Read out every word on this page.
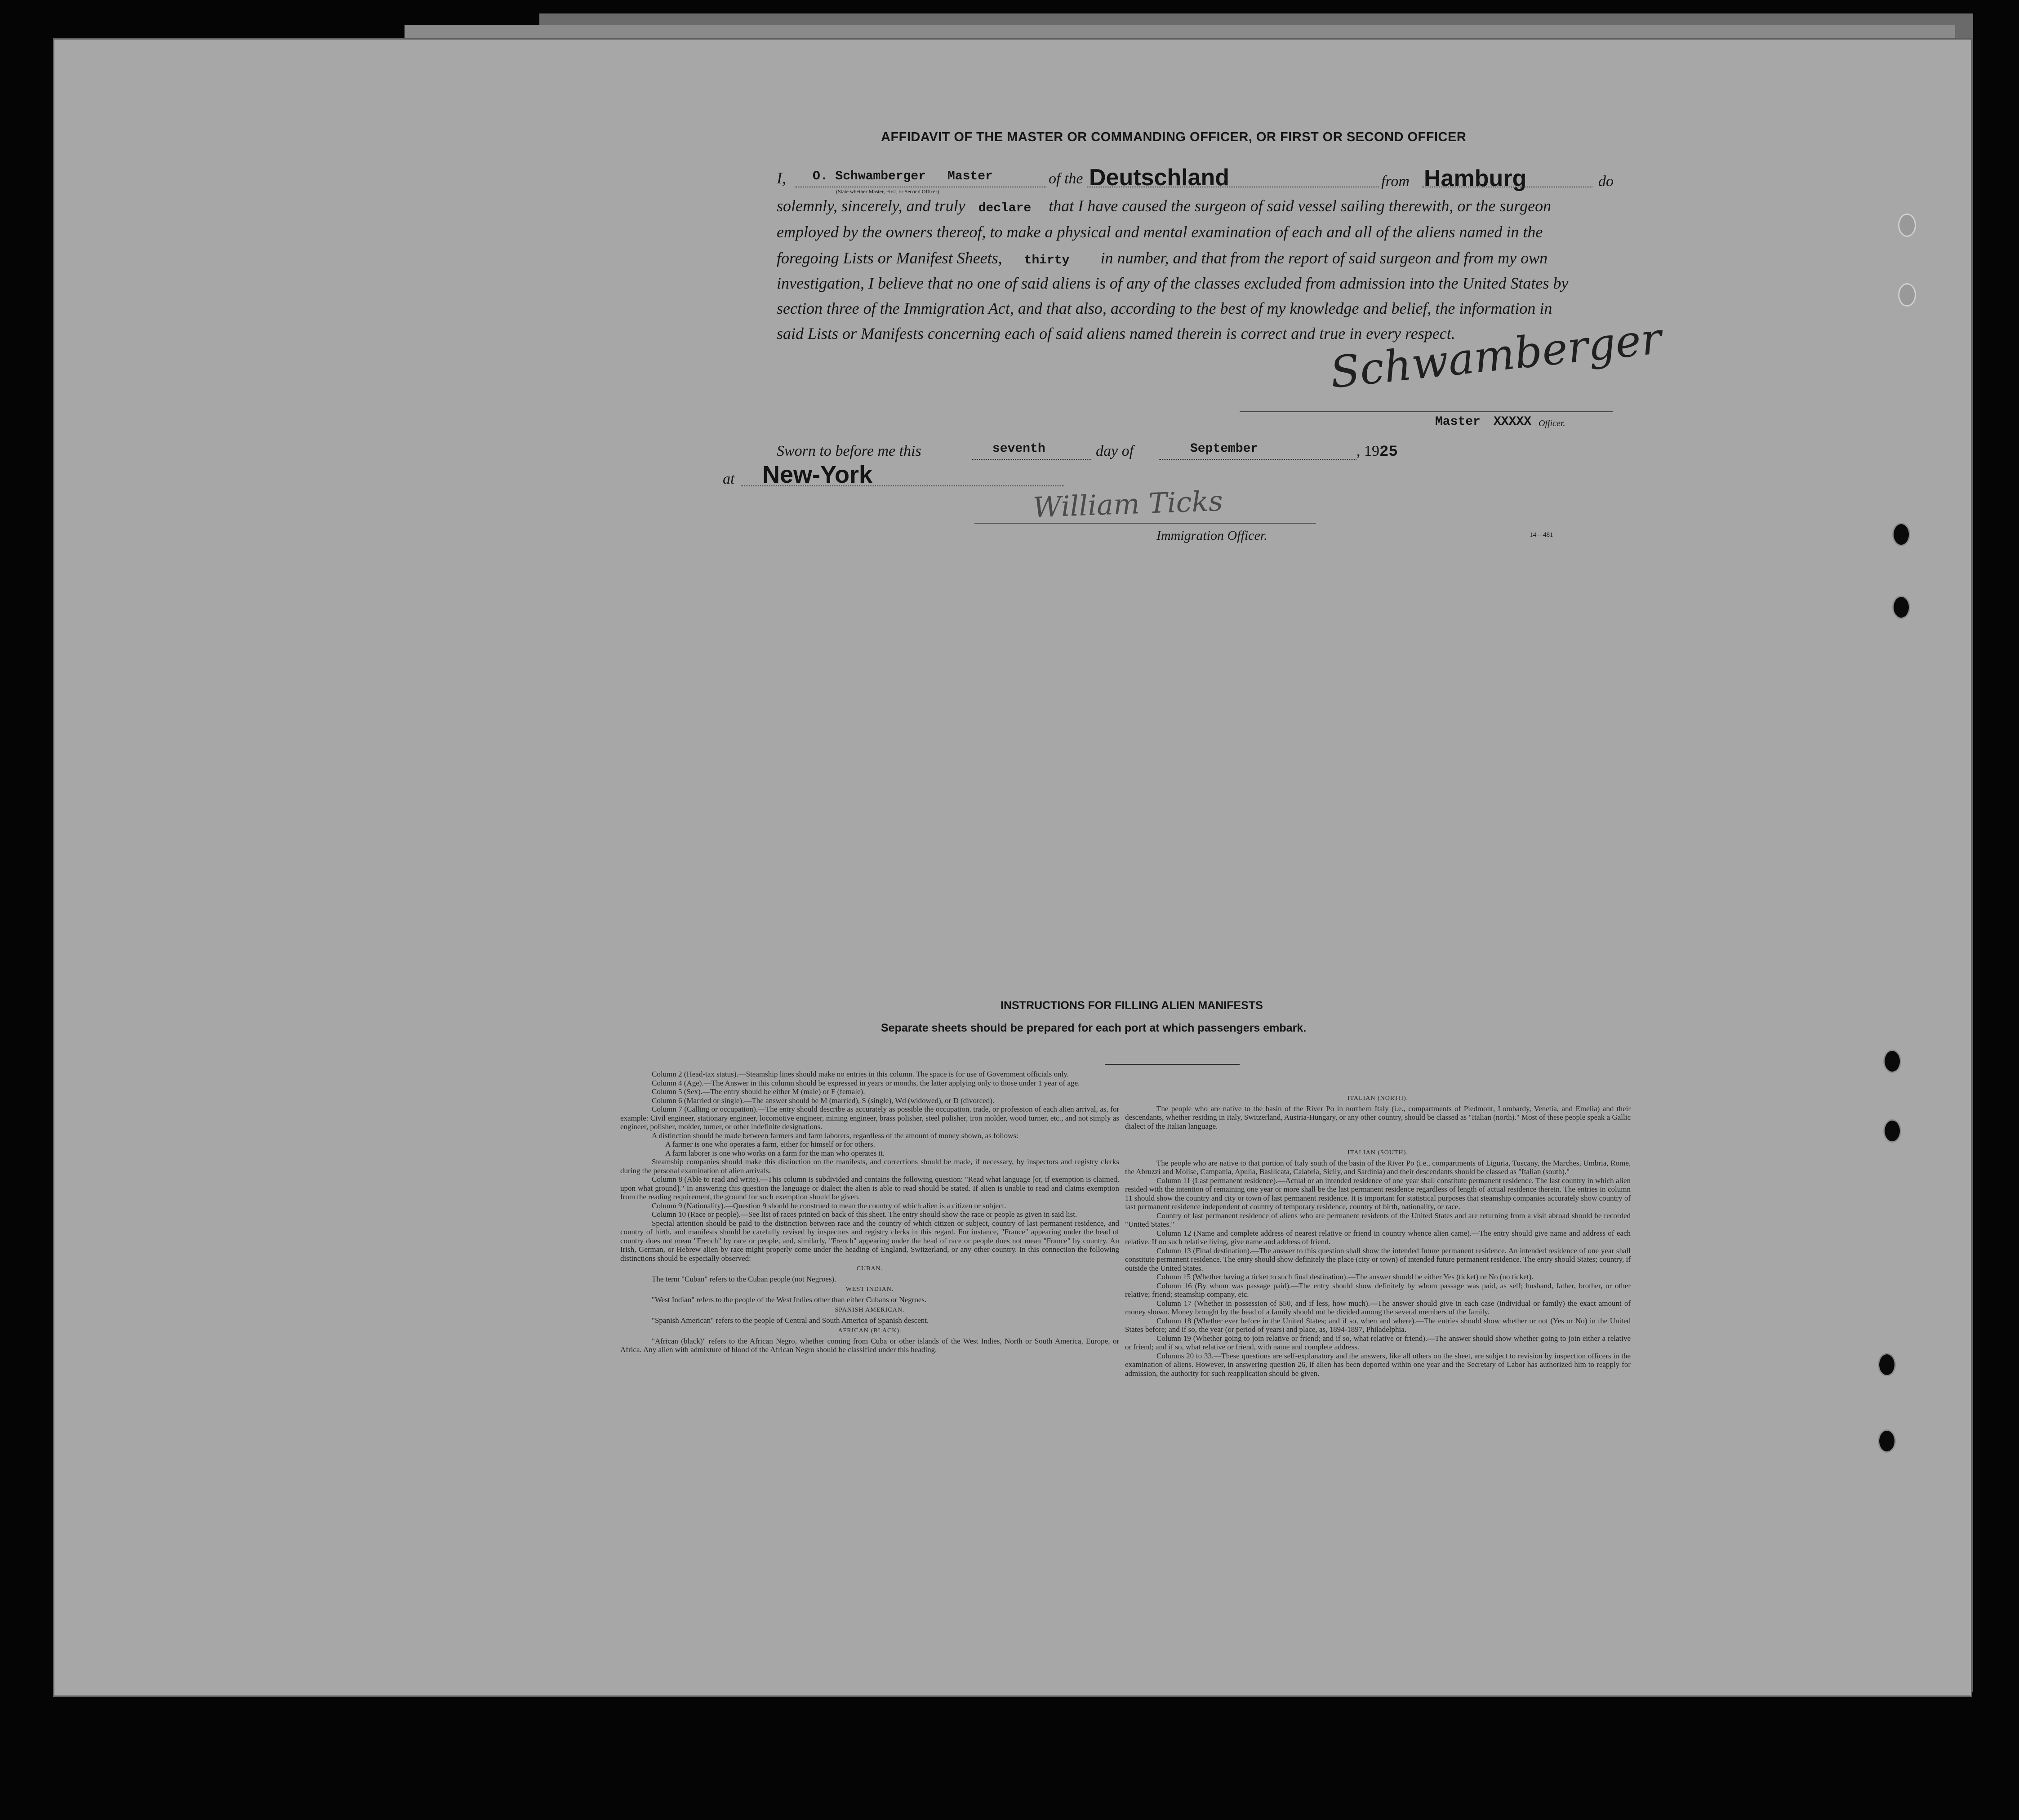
AFFIDAVIT OF THE MASTER OR COMMANDING OFFICER, OR FIRST OR SECOND OFFICER
I, O. Schwamberger Master	of the Deutschland	from Hamburg	do
(State whether Master, First, or Second Officer)
solemnly, sincerely, and truly declare that I have caused the surgeon of said vessel sailing therewith, or the surgeon
employed by the owners thereof, to make a physical and mental examination of each and all of the aliens named in the
foregoing Lists or Manifest Sheets, thirty in number, and that from the report of said surgeon and from my own
investigation, I believe that no one of said aliens is of any of the classes excluded from admission into the United States by
section three of the Immigration Act, and that also, according to the best of my knowledge and belief, the information in
said Lists or Manifests concerning each of said aliens named therein is correct and true in every respect.
Schwamberger
Master XXXXX Officer.
Sworn to before me this	seventh	day of	September	, 1925
at New-York
William Ticks
Immigration Officer.	14—481
INSTRUCTIONS FOR FILLING ALIEN MANIFESTS
Separate sheets should be prepared for each port at which passengers embark.

Column 2 (Head-tax status).—Steamship lines should make no entries in this column. The space is for use of Government officials only.

Column 4 (Age).—The Answer in this column should be expressed in years or months, the latter applying only to those under 1 year of age.

Column 5 (Sex).—The entry should be either M (male) or F (female).

Column 6 (Married or single).—The answer should be M (married), S (single), Wd (widowed), or D (divorced).

Column 7 (Calling or occupation).—The entry should describe as accurately as possible the occupation, trade, or profession of each alien arrival, as, for example: Civil engineer, stationary engineer, locomotive engineer, mining engineer, brass polisher, steel polisher, iron molder, wood turner, etc., and not simply as engineer, polisher, molder, turner, or other indefinite designations.

A distinction should be made between farmers and farm laborers, regardless of the amount of money shown, as follows:

A farmer is one who operates a farm, either for himself or for others.

A farm laborer is one who works on a farm for the man who operates it.

Steamship companies should make this distinction on the manifests, and corrections should be made, if necessary, by inspectors and registry clerks during the personal examination of alien arrivals.

Column 8 (Able to read and write).—This column is subdivided and contains the following question: "Read what language [or, if exemption is claimed, upon what ground]." In answering this question the language or dialect the alien is able to read should be stated. If alien is unable to read and claims exemption from the reading requirement, the ground for such exemption should be given.

Column 9 (Nationality).—Question 9 should be construed to mean the country of which alien is a citizen or subject.

Column 10 (Race or people).—See list of races printed on back of this sheet. The entry should show the race or people as given in said list.

Special attention should be paid to the distinction between race and the country of which citizen or subject, country of last permanent residence, and country of birth, and manifests should be carefully revised by inspectors and registry clerks in this regard. For instance, "France" appearing under the head of country does not mean "French" by race or people, and, similarly, "French" appearing under the head of race or people does not mean "France" by country. An Irish, German, or Hebrew alien by race might properly come under the heading of England, Switzerland, or any other country. In this connection the following distinctions should be especially observed:

CUBAN.

The term "Cuban" refers to the Cuban people (not Negroes).

WEST INDIAN.

"West Indian" refers to the people of the West Indies other than either Cubans or Negroes.

SPANISH AMERICAN.

"Spanish American" refers to the people of Central and South America of Spanish descent.

AFRICAN (BLACK).

"African (black)" refers to the African Negro, whether coming from Cuba or other islands of the West Indies, North or South America, Europe, or Africa. Any alien with admixture of blood of the African Negro should be classified under this heading.

ITALIAN (NORTH).

The people who are native to the basin of the River Po in northern Italy (i.e., compartments of Piedmont, Lombardy, Venetia, and Emelia) and their descendants, whether residing in Italy, Switzerland, Austria-Hungary, or any other country, should be classed as "Italian (north)." Most of these people speak a Gallic dialect of the Italian language.

ITALIAN (SOUTH).

The people who are native to that portion of Italy south of the basin of the River Po (i.e., compartments of Liguria, Tuscany, the Marches, Umbria, Rome, the Abruzzi and Molise, Campania, Apulia, Basilicata, Calabria, Sicily, and Sardinia) and their descendants should be classed as "Italian (south)."

Column 11 (Last permanent residence).—Actual or an intended residence of one year shall constitute permanent residence. The last country in which alien resided with the intention of remaining one year or more shall be the last permanent residence regardless of length of actual residence therein. The entries in column 11 should show the country and city or town of last permanent residence. It is important for statistical purposes that steamship companies accurately show country of last permanent residence independent of country of temporary residence, country of birth, nationality, or race.

Country of last permanent residence of aliens who are permanent residents of the United States and are returning from a visit abroad should be recorded "United States."

Column 12 (Name and complete address of nearest relative or friend in country whence alien came).—The entry should give name and address of each relative. If no such relative living, give name and address of friend.

Column 13 (Final destination).—The answer to this question shall show the intended future permanent residence. An intended residence of one year shall constitute permanent residence. The entry should show definitely the place (city or town) of intended future permanent residence. The entry should States; country, if outside the United States.

Column 15 (Whether having a ticket to such final destination).—The answer should be either Yes (ticket) or No (no ticket).

Column 16 (By whom was passage paid).—The entry should show definitely by whom passage was paid, as self; husband, father, brother, or other relative; friend; steamship company, etc.

Column 17 (Whether in possession of $50, and if less, how much).—The answer should give in each case (individual or family) the exact amount of money shown. Money brought by the head of a family should not be divided among the several members of the family.

Column 18 (Whether ever before in the United States; and if so, when and where).—The entries should show whether or not (Yes or No) in the United States before; and if so, the year (or period of years) and place, as, 1894-1897, Philadelphia.

Column 19 (Whether going to join relative or friend; and if so, what relative or friend).—The answer should show whether going to join either a relative or friend; and if so, what relative or friend, with name and complete address.

Columns 20 to 33.—These questions are self-explanatory and the answers, like all others on the sheet, are subject to revision by inspection officers in the examination of aliens. However, in answering question 26, if alien has been deported within one year and the Secretary of Labor has authorized him to reapply for admission, the authority for such reapplication should be given.
